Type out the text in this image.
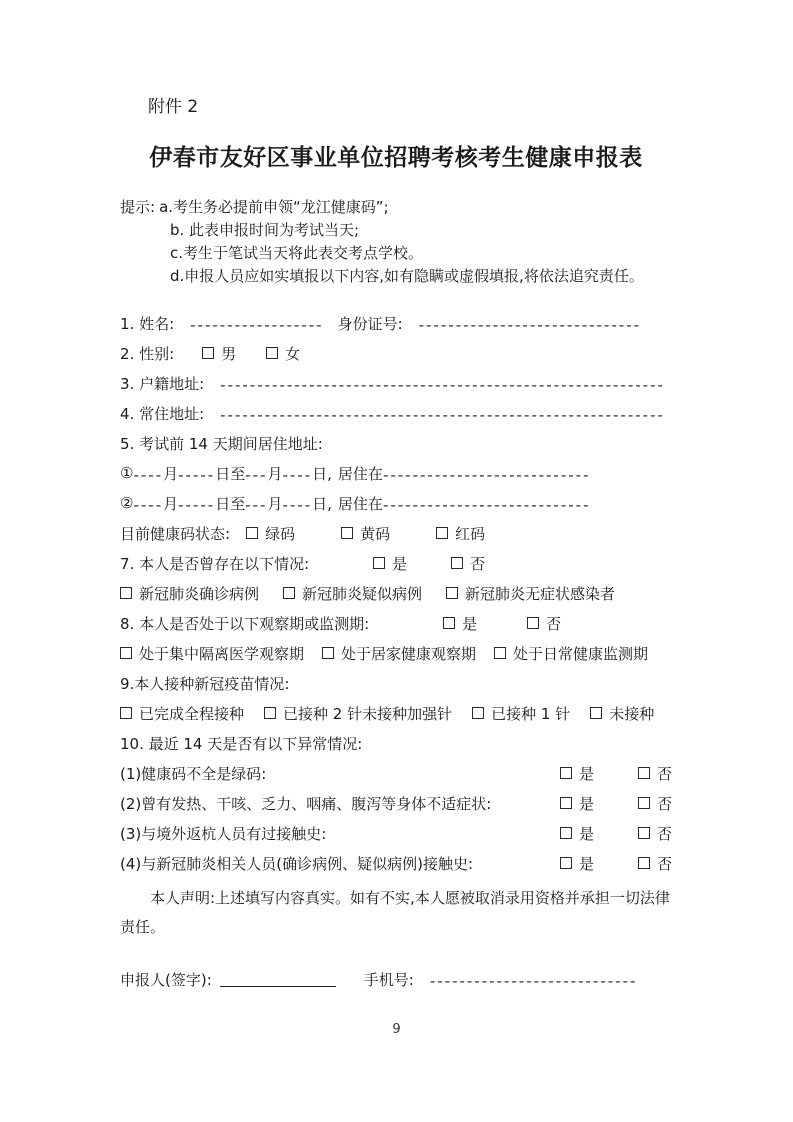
附件 2
伊春市友好区事业单位招聘考核考生健康申报表
提示: a.考生务必提前申领“龙江健康码”;
b. 此表申报时间为考试当天;
c.考生于笔试当天将此表交考点学校。
d.申报人员应如实填报以下内容,如有隐瞒或虚假填报,将依法追究责任。
1. 姓名: ------------------ 身份证号: ------------------------------
2. 性别:	男	女
3. 户籍地址: ------------------------------------------------------------
4. 常住地址: ------------------------------------------------------------
5. 考试前 14 天期间居住地址:
① ---- 月 ----- 日至 --- 月 ---- 日, 居住在 ----------------------------
② ---- 月 ----- 日至 --- 月 ---- 日, 居住在 ----------------------------
目前健康码状态: 绿码	黄码	红码
7. 本人是否曾存在以下情况:	是	否
新冠肺炎确诊病例	新冠肺炎疑似病例	新冠肺炎无症状感染者
8. 本人是否处于以下观察期或监测期:	是	否
处于集中隔离医学观察期 处于居家健康观察期 处于日常健康监测期
9.本人接种新冠疫苗情况:
已完成全程接种	已接种 2 针未接种加强针	已接种 1 针	未接种
10. 最近 14 天是否有以下异常情况:
(1)健康码不全是绿码:	是	否
(2)曾有发热、干咳、乏力、咽痛、腹泻等身体不适症状:	是	否
(3)与境外返杭人员有过接触史:	是	否
(4)与新冠肺炎相关人员(确诊病例、疑似病例)接触史:	是	否

本人声明:上述填写内容真实。如有不实,本人愿被取消录用资格并承担一切法律责任。

申报人(签字):	手机号: ----------------------------
9
